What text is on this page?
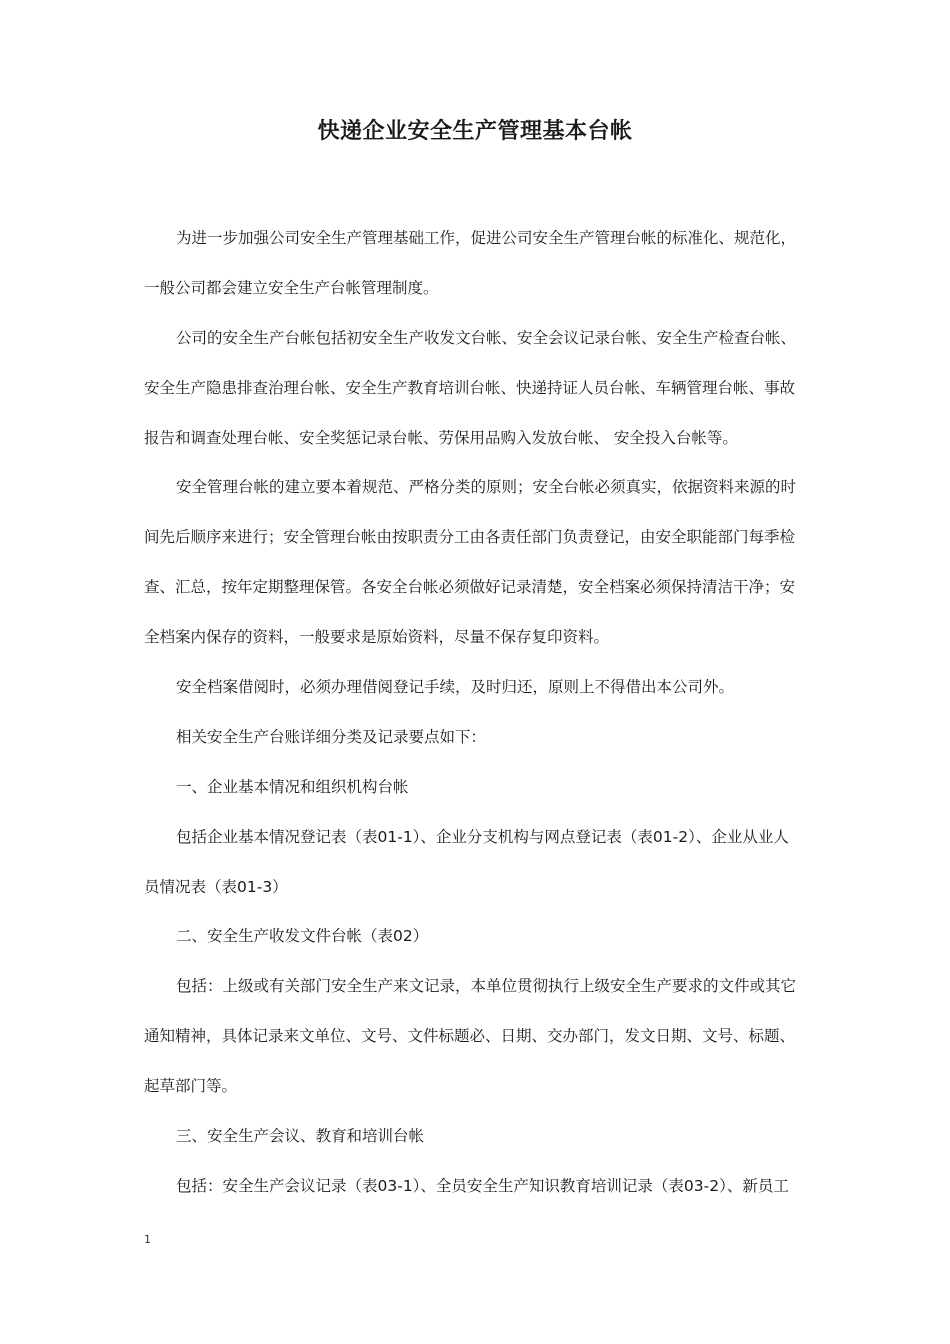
快递企业安全生产管理基本台帐
为进一步加强公司安全生产管理基础工作，促进公司安全生产管理台帐的标准化、规范化，
一般公司都会建立安全生产台帐管理制度。
公司的安全生产台帐包括初安全生产收发文台帐、安全会议记录台帐、安全生产检查台帐、
安全生产隐患排查治理台帐、安全生产教育培训台帐、快递持证人员台帐、车辆管理台帐、事故
报告和调查处理台帐、安全奖惩记录台帐、劳保用品购入发放台帐、 安全投入台帐等。
安全管理台帐的建立要本着规范、严格分类的原则；安全台帐必须真实，依据资料来源的时
间先后顺序来进行；安全管理台帐由按职责分工由各责任部门负责登记，由安全职能部门每季检
查、汇总，按年定期整理保管。各安全台帐必须做好记录清楚，安全档案必须保持清洁干净；安
全档案内保存的资料，一般要求是原始资料，尽量不保存复印资料。
安全档案借阅时，必须办理借阅登记手续，及时归还，原则上不得借出本公司外。
相关安全生产台账详细分类及记录要点如下：
一、企业基本情况和组织机构台帐
包括企业基本情况登记表（表01-1）、企业分支机构与网点登记表（表01-2）、企业从业人
员情况表（表01-3）
二、安全生产收发文件台帐（表02）
包括：上级或有关部门安全生产来文记录，本单位贯彻执行上级安全生产要求的文件或其它
通知精神，具体记录来文单位、文号、文件标题必、日期、交办部门，发文日期、文号、标题、
起草部门等。
三、安全生产会议、教育和培训台帐
包括：安全生产会议记录（表03-1）、全员安全生产知识教育培训记录（表03-2）、新员工
1
